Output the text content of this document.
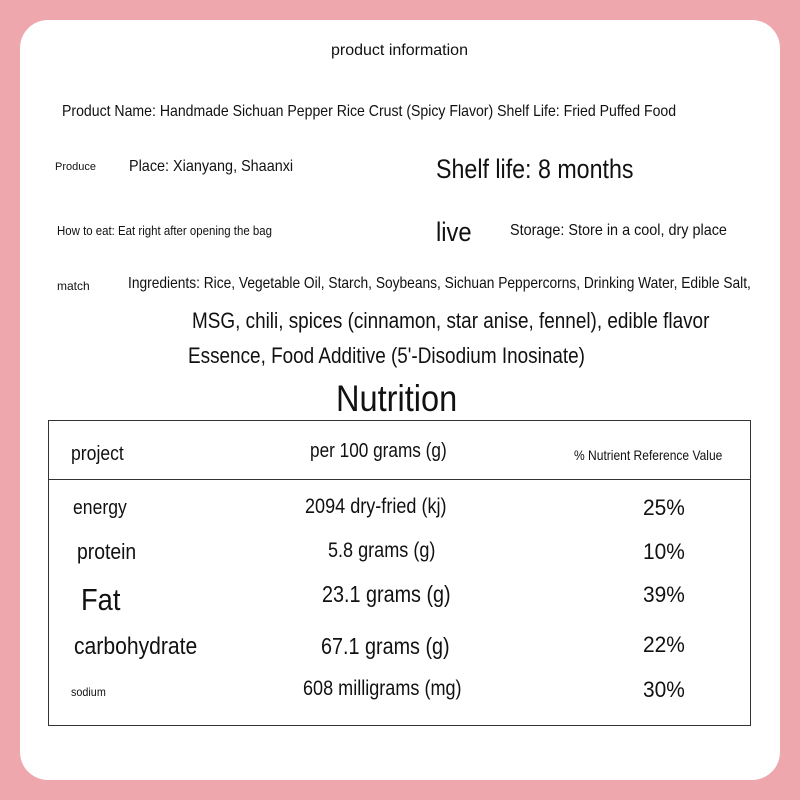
product information
Product Name: Handmade Sichuan Pepper Rice Crust (Spicy Flavor) Shelf Life: Fried Puffed Food
Produce Place: Xianyang, Shaanxi	Shelf life: 8 months
How to eat: Eat right after opening the bag	live Storage: Store in a cool, dry place
match Ingredients: Rice, Vegetable Oil, Starch, Soybeans, Sichuan Peppercorns, Drinking Water, Edible Salt,
MSG, chili, spices (cinnamon, star anise, fennel), edible flavor
Essence, Food Additive (5'-Disodium Inosinate)
Nutrition
project	per 100 grams (g)	% Nutrient Reference Value
energy	2094 dry-fried (kj)	25%
protein	5.8 grams (g)	10%
Fat	23.1 grams (g)	39%
carbohydrate	67.1 grams (g)	22%
sodium	608 milligrams (mg)	30%
